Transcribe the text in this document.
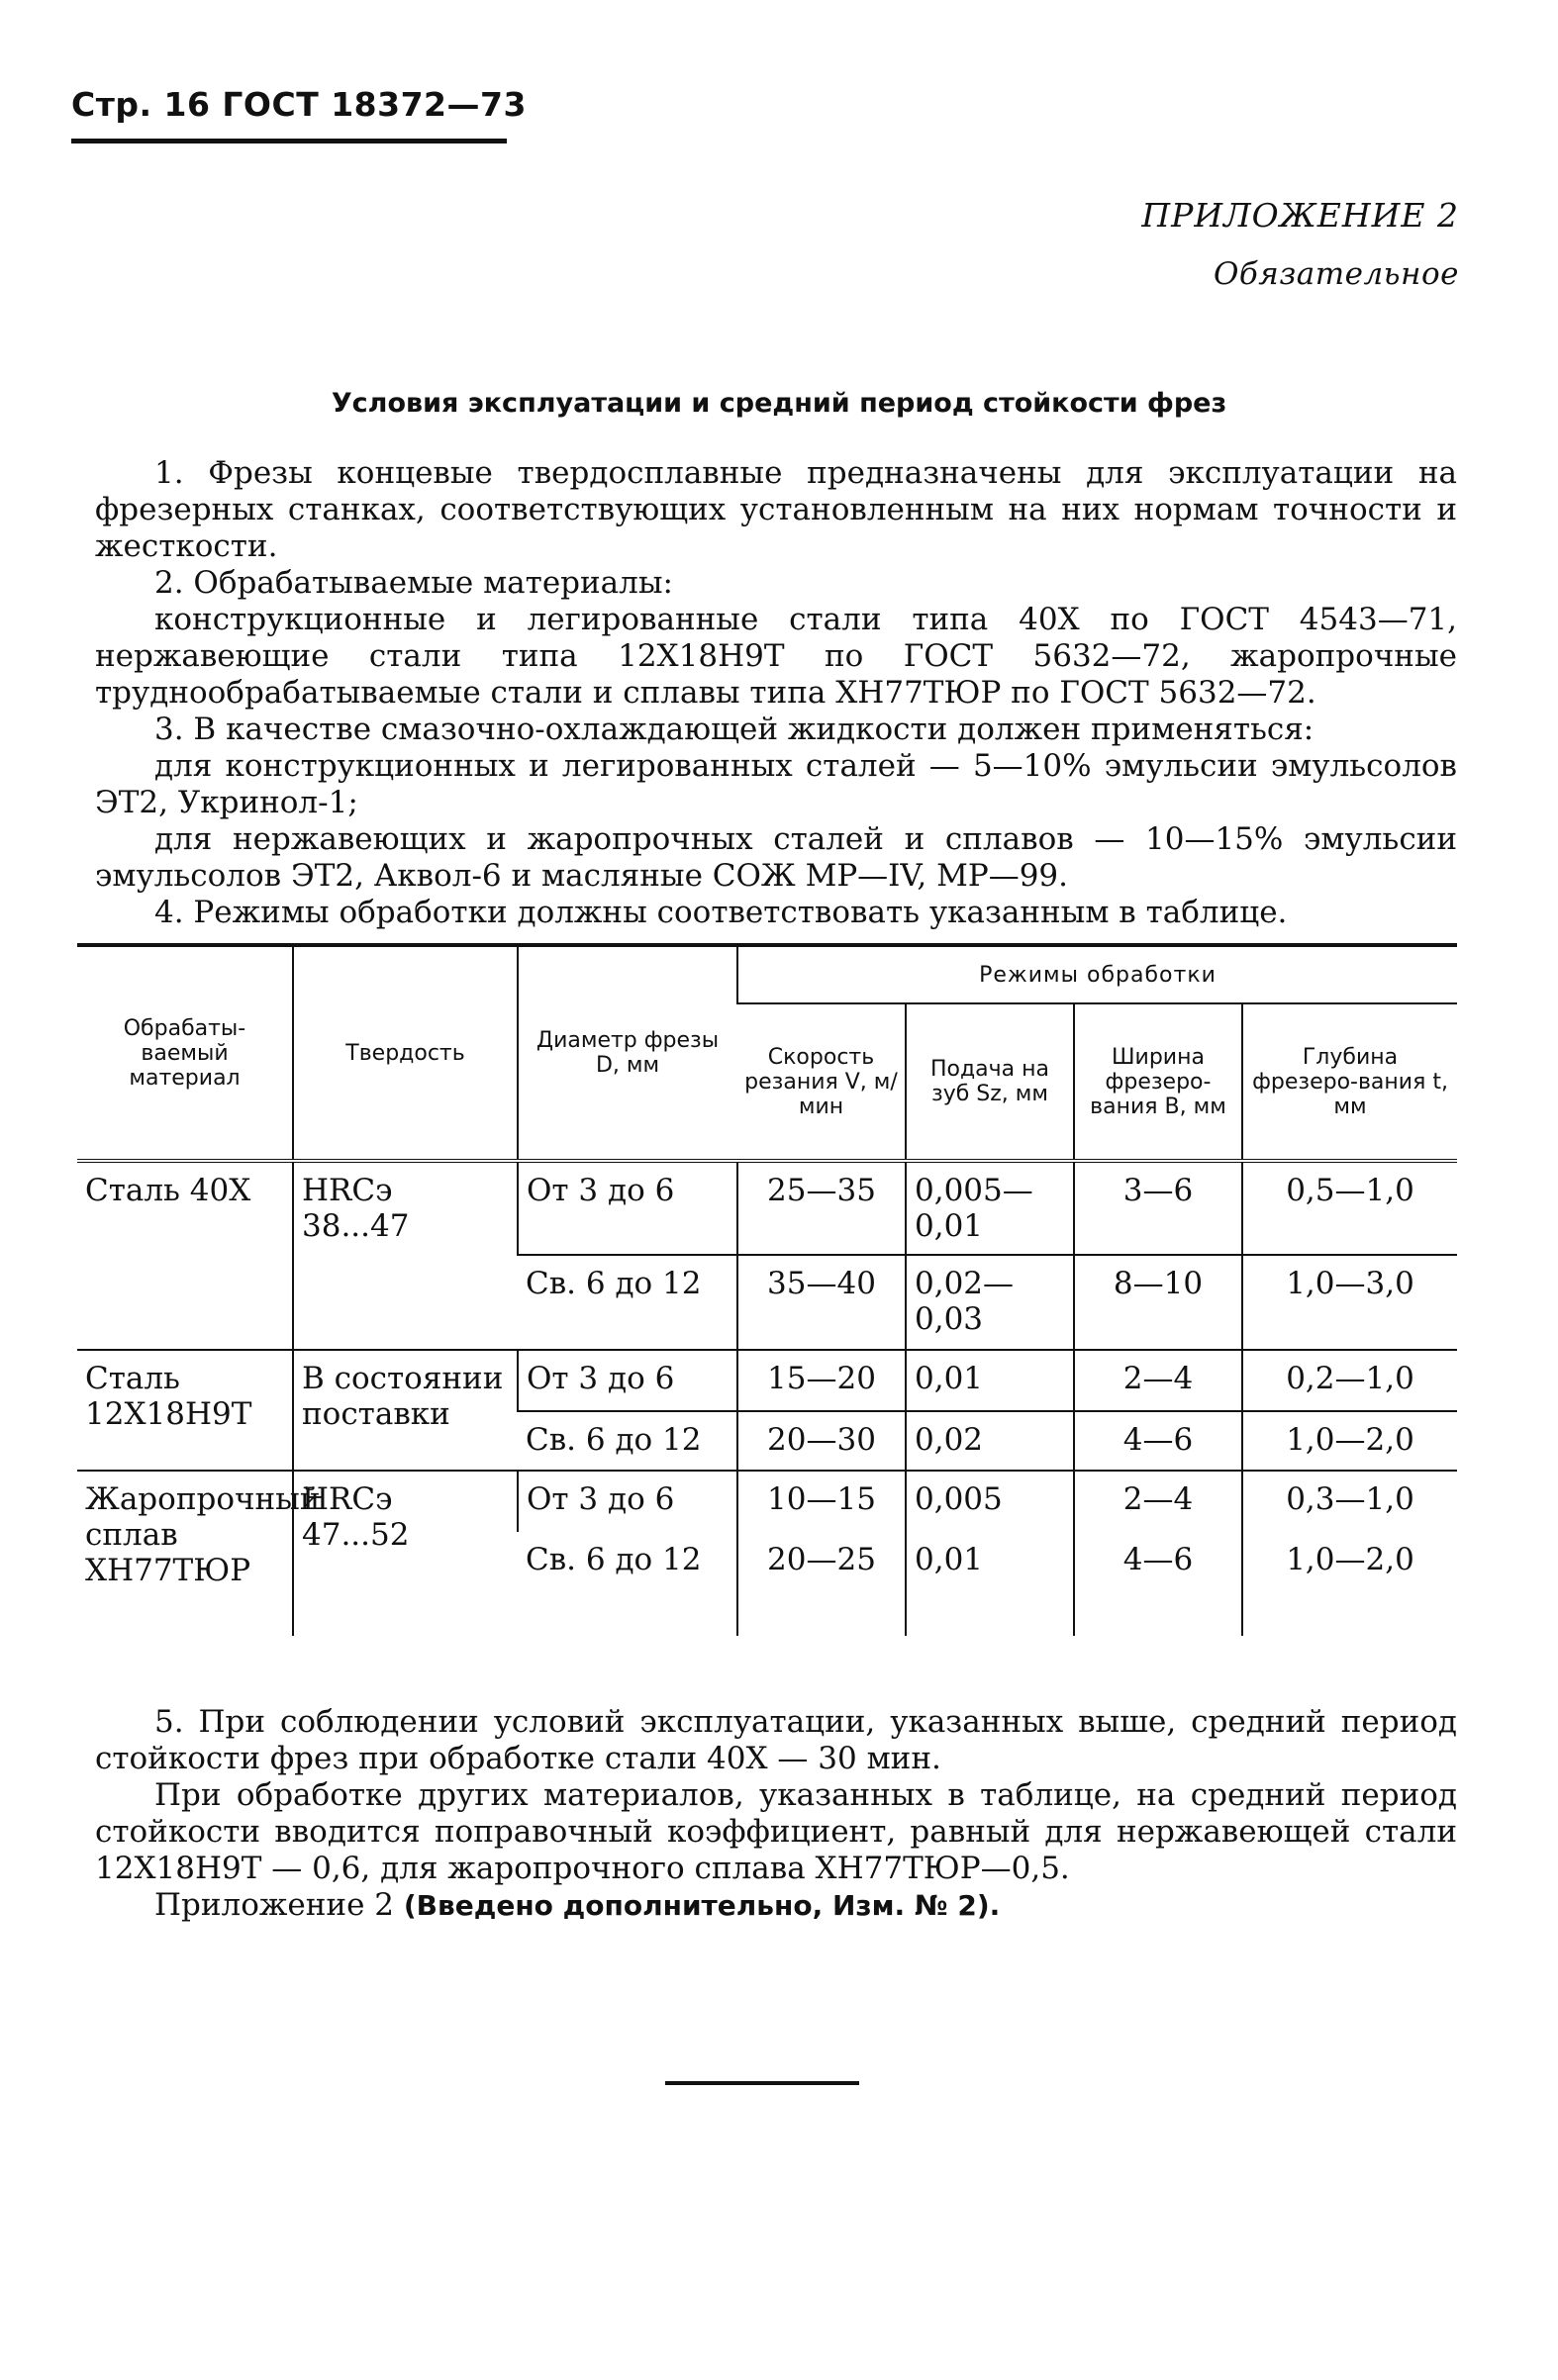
Стр. 16 ГОСТ 18372—73
ПРИЛОЖЕНИЕ 2
Обязательное
Условия эксплуатации и средний период стойкости фрез

1. Фрезы концевые твердосплавные предназначены для эксплуатации на фрезерных станках, соответствующих установленным на них нормам точности и жесткости.

2. Обрабатываемые материалы:

конструкционные и легированные стали типа 40Х по ГОСТ 4543—71, нержавеющие стали типа 12Х18Н9Т по ГОСТ 5632—72, жаропрочные труднообрабатываемые стали и сплавы типа ХН77ТЮР по ГОСТ 5632—72.

3. В качестве смазочно-охлаждающей жидкости должен применяться:

для конструкционных и легированных сталей — 5—10% эмульсии эмульсолов ЭТ2, Укринол-1;

для нержавеющих и жаропрочных сталей и сплавов — 10—15% эмульсии эмульсолов ЭТ2, Аквол-6 и масляные СОЖ МР—IV, МР—99.

4. Режимы обработки должны соответствовать указанным в таблице.

Обрабаты-ваемый материал	Твердость	Диаметр фрезы D, мм	Режимы обработки			
			Скорость резания V, м/мин	Подача на зуб Sz, мм	Ширина фрезеро-вания B, мм	Глубина фрезеро-вания t, мм
Сталь 40Х	HRCэ 38...47	От 3 до 6	25—35	0,005—0,01	3—6	0,5—1,0
		Св. 6 до 12	35—40	0,02—0,03	8—10	1,0—3,0
Сталь 12Х18Н9Т	В состоянии поставки	От 3 до 6	15—20	0,01	2—4	0,2—1,0
		Св. 6 до 12	20—30	0,02	4—6	1,0—2,0
Жаропрочный сплав ХН77ТЮР	HRCэ 47...52	От 3 до 6	10—15	0,005	2—4	0,3—1,0
		Св. 6 до 12	20—25	0,01	4—6	1,0—2,0

5. При соблюдении условий эксплуатации, указанных выше, средний период стойкости фрез при обработке стали 40Х — 30 мин.

При обработке других материалов, указанных в таблице, на средний период стойкости вводится поправочный коэффициент, равный для нержавеющей стали 12Х18Н9Т — 0,6, для жаропрочного сплава ХН77ТЮР—0,5.

Приложение 2 (Введено дополнительно, Изм. № 2).
